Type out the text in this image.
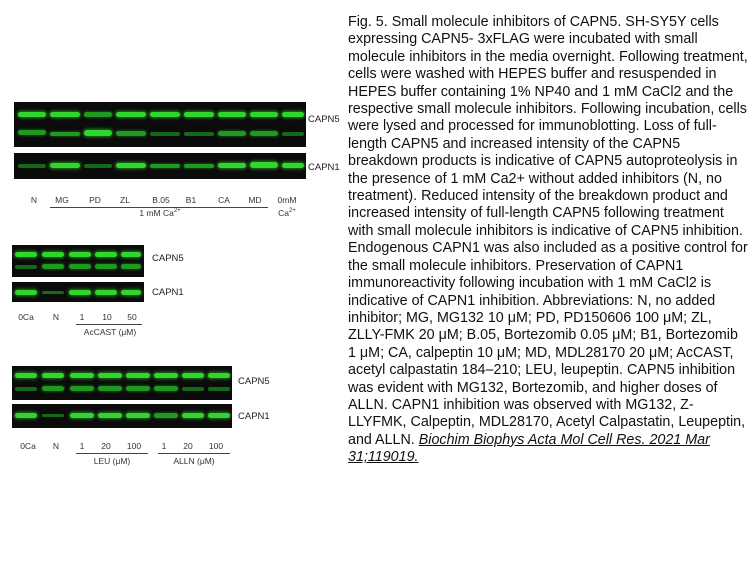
CAPN5
CAPN1
N	MG	PD	ZL	B.05	B1	CA	MD	0mM
1 mM $Ca^{2+}$	$Ca^{2+}$
CAPN5
CAPN1
0Ca	N	1	10	50
AcCAST (μM)
CAPN5
CAPN1
0Ca	N	1	20	100	1	20	100
LEU (μM)	ALLN (μM)
Fig. 5. Small molecule inhibitors of CAPN5. SH-SY5Y cells expressing CAPN5- 3xFLAG were incubated with small molecule inhibitors in the media overnight. Following treatment, cells were washed with HEPES buffer and resuspended in HEPES buffer containing 1% NP40 and 1 mM CaCl2 and the respective small molecule inhibitors. Following incubation, cells were lysed and processed for immunoblotting. Loss of full-length CAPN5 and increased intensity of the CAPN5 breakdown products is indicative of CAPN5 autoproteolysis in the presence of 1 mM Ca2+ without added inhibitors (N, no treatment). Reduced intensity of the breakdown product and increased intensity of full-length CAPN5 following treatment with small molecule inhibitors is indicative of CAPN5 inhibition. Endogenous CAPN1 was also included as a positive control for the small molecule inhibitors. Preservation of CAPN1 immunoreactivity following incubation with 1 mM CaCl2 is indicative of CAPN1 inhibition. Abbreviations: N, no added inhibitor; MG, MG132 10 μM; PD, PD150606 100 μM; ZL, ZLLY-FMK 20 μM; B.05, Bortezomib 0.05 μM; B1, Bortezomib 1 μM; CA, calpeptin 10 μM; MD, MDL28170 20 μM; AcCAST, acetyl calpastatin 184–210; LEU, leupeptin. CAPN5 inhibition was evident with MG132, Bortezomib, and higher doses of ALLN. CAPN1 inhibition was observed with MG132, Z-LLYFMK, Calpeptin, MDL28170, Acetyl Calpastatin, Leupeptin, and ALLN. Biochim Biophys Acta Mol Cell Res. 2021 Mar 31;119019.
